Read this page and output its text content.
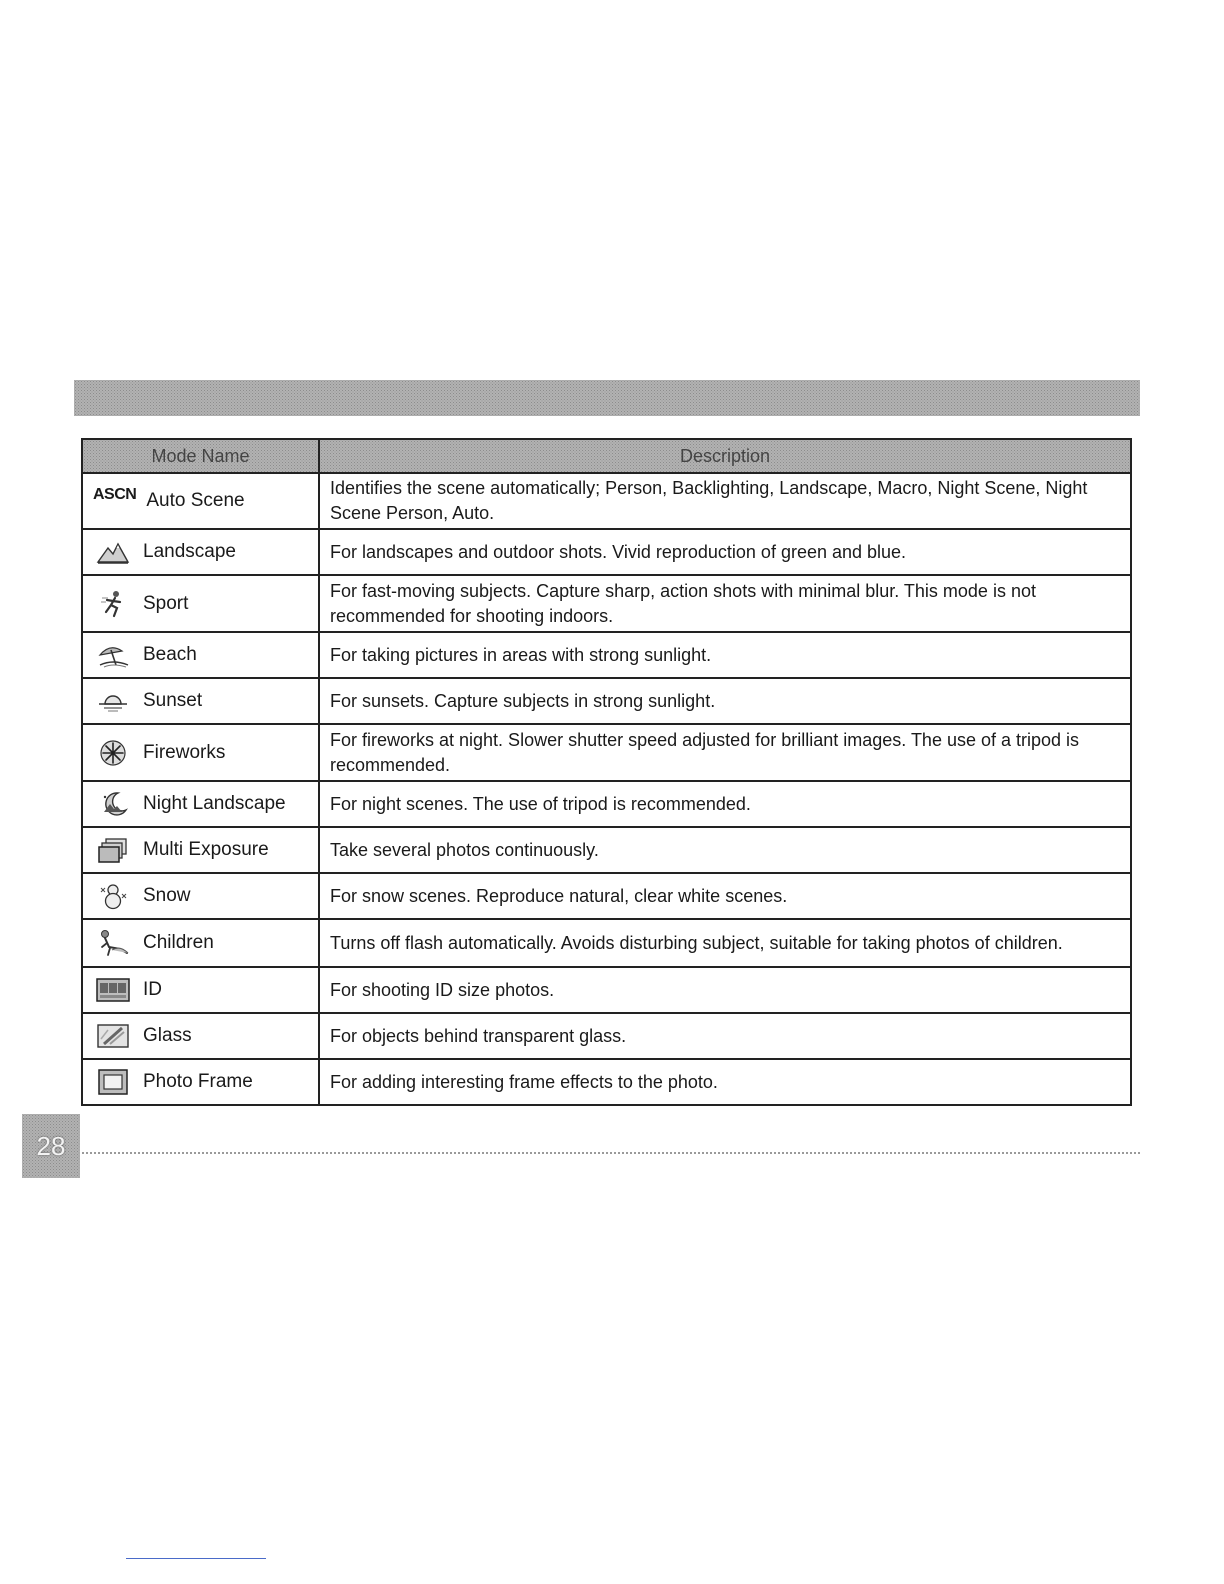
Mode Name	Description

ASCN Auto Scene	Identifies the scene automatically; Person, Backlighting, Landscape, Macro, Night Scene, Night Scene Person, Auto.

Landscape	For landscapes and outdoor shots. Vivid reproduction of green and blue.

Sport	For fast-moving subjects. Capture sharp, action shots with minimal blur. This mode is not recommended for shooting indoors.

Beach	For taking pictures in areas with strong sunlight.

Sunset	For sunsets. Capture subjects in strong sunlight.

Fireworks	For fireworks at night. Slower shutter speed adjusted for brilliant images. The use of a tripod is recommended.

Night Landscape	For night scenes. The use of tripod is recommended.

Multi Exposure	Take several photos continuously.

Snow	For snow scenes. Reproduce natural, clear white scenes.

Children	Turns off flash automatically. Avoids disturbing subject, suitable for taking photos of children.

ID	For shooting ID size photos.

Glass	For objects behind transparent glass.

Photo Frame	For adding interesting frame effects to the photo.
28
